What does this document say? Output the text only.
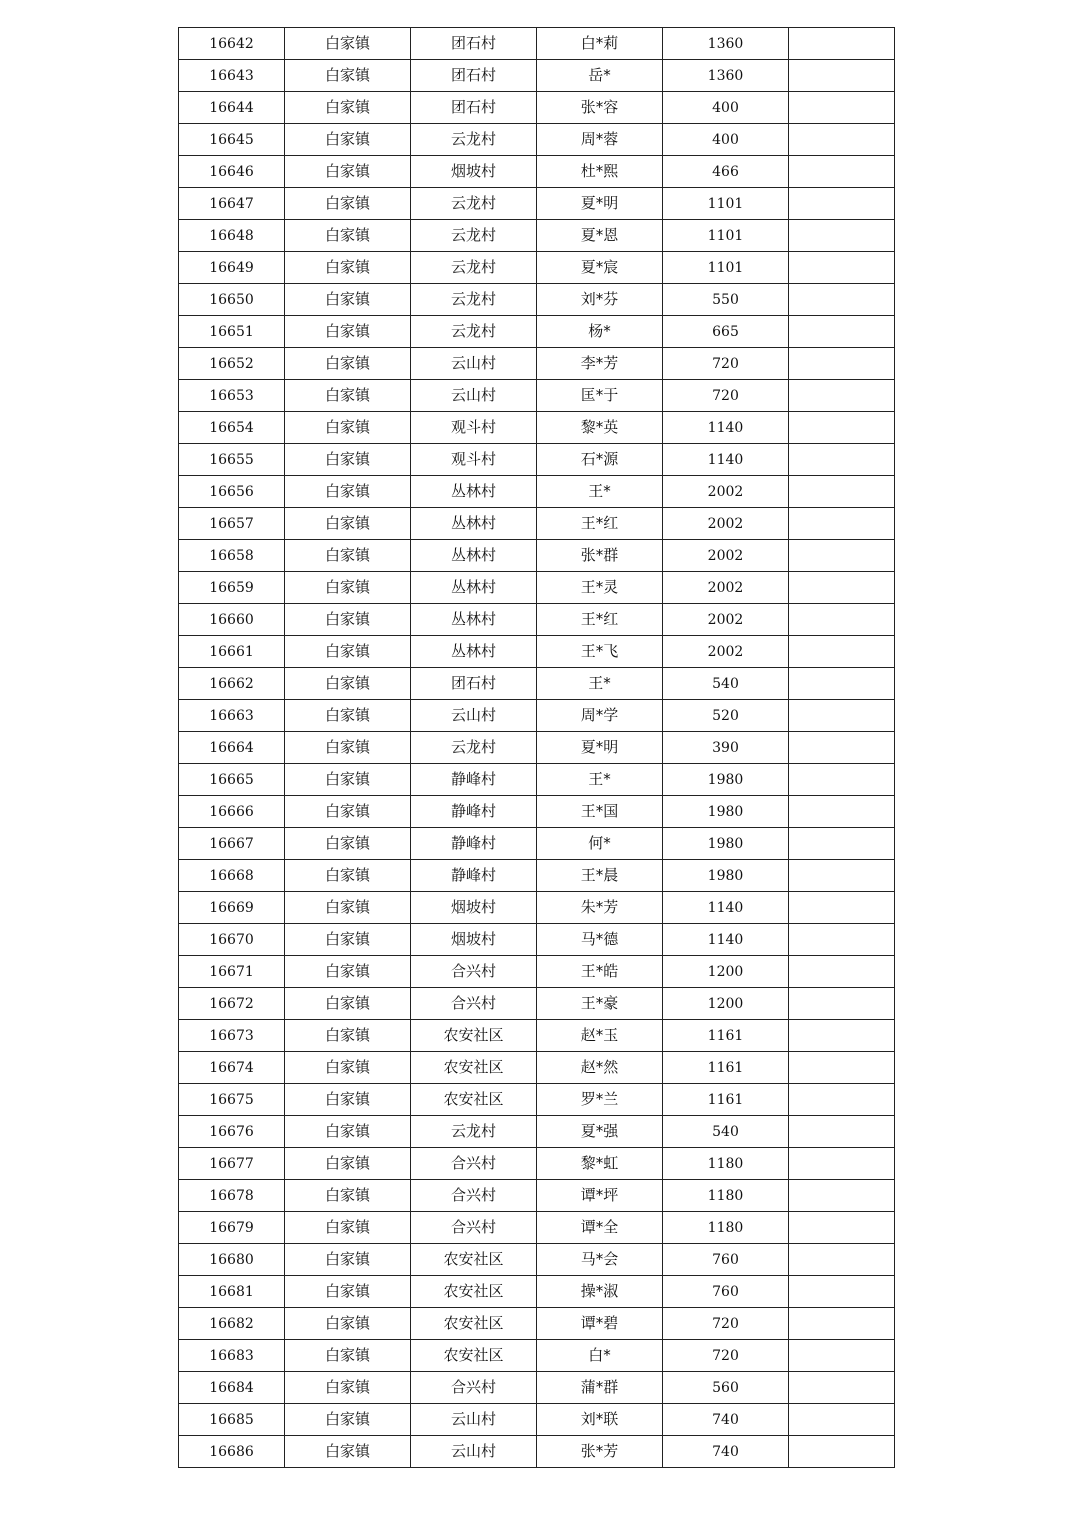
16642	白家镇	团石村	白*莉	1360	
16643	白家镇	团石村	岳*	1360	
16644	白家镇	团石村	张*容	400	
16645	白家镇	云龙村	周*蓉	400	
16646	白家镇	烟坡村	杜*熙	466	
16647	白家镇	云龙村	夏*明	1101	
16648	白家镇	云龙村	夏*恩	1101	
16649	白家镇	云龙村	夏*宸	1101	
16650	白家镇	云龙村	刘*芬	550	
16651	白家镇	云龙村	杨*	665	
16652	白家镇	云山村	李*芳	720	
16653	白家镇	云山村	匡*于	720	
16654	白家镇	观斗村	黎*英	1140	
16655	白家镇	观斗村	石*源	1140	
16656	白家镇	丛林村	王*	2002	
16657	白家镇	丛林村	王*红	2002	
16658	白家镇	丛林村	张*群	2002	
16659	白家镇	丛林村	王*灵	2002	
16660	白家镇	丛林村	王*红	2002	
16661	白家镇	丛林村	王*飞	2002	
16662	白家镇	团石村	王*	540	
16663	白家镇	云山村	周*学	520	
16664	白家镇	云龙村	夏*明	390	
16665	白家镇	静峰村	王*	1980	
16666	白家镇	静峰村	王*国	1980	
16667	白家镇	静峰村	何*	1980	
16668	白家镇	静峰村	王*晨	1980	
16669	白家镇	烟坡村	朱*芳	1140	
16670	白家镇	烟坡村	马*德	1140	
16671	白家镇	合兴村	王*皓	1200	
16672	白家镇	合兴村	王*豪	1200	
16673	白家镇	农安社区	赵*玉	1161	
16674	白家镇	农安社区	赵*然	1161	
16675	白家镇	农安社区	罗*兰	1161	
16676	白家镇	云龙村	夏*强	540	
16677	白家镇	合兴村	黎*虹	1180	
16678	白家镇	合兴村	谭*坪	1180	
16679	白家镇	合兴村	谭*全	1180	
16680	白家镇	农安社区	马*会	760	
16681	白家镇	农安社区	操*淑	760	
16682	白家镇	农安社区	谭*碧	720	
16683	白家镇	农安社区	白*	720	
16684	白家镇	合兴村	蒲*群	560	
16685	白家镇	云山村	刘*联	740	
16686	白家镇	云山村	张*芳	740	
